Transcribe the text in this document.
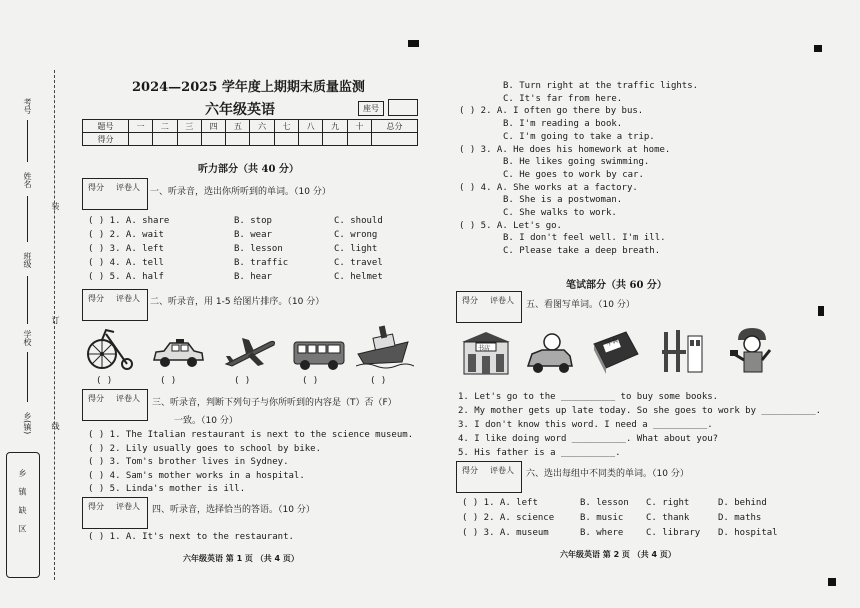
考号
姓名
班级
学校
乡(镇)
装
订
线
乡 镇 缺 区
2024—2025 学年度上期期末质量监测
六年级英语	座号
题号	一	二	三	四	五	六	七	八	九	十	总分
得分											
听力部分（共 40 分）
得分 评卷人 一、听录音，选出你所听到的单词。（10 分）
( ) 1. A. share	B. stop	C. should
( ) 2. A. wait	B. wear	C. wrong
( ) 3. A. left	B. lesson	C. light
( ) 4. A. tell	B. traffic	C. travel
( ) 5. A. half	B. hear	C. helmet
得分 评卷人 二、听录音，用 1-5 给图片排序。（10 分）
( )	( )	( )	( )	( )
得分 评卷人 三、听录音，判断下列句子与你所听到的内容是（T）否（F）
一致。（10 分）
( ) 1. The Italian restaurant is next to the science museum.
( ) 2. Lily usually goes to school by bike.
( ) 3. Tom's brother lives in Sydney.
( ) 4. Sam's mother works in a hospital.
( ) 5. Linda's mother is ill.
得分 评卷人 四、听录音，选择恰当的答语。（10 分）
( ) 1. A. It's next to the restaurant.
六年级英语 第 1 页 （共 4 页）
B. Turn right at the traffic lights.
C. It's far from here.
( ) 2. A. I often go there by bus.
B. I'm reading a book.
C. I'm going to take a trip.
( ) 3. A. He does his homework at home.
B. He likes going swimming.
C. He goes to work by car.
( ) 4. A. She works at a factory.
B. She is a postwoman.
C. She walks to work.
( ) 5. A. Let's go.
B. I don't feel well. I'm ill.
C. Please take a deep breath.
笔试部分（共 60 分）
得分 评卷人 五、看图写单词。（10 分）
书店
字典
1. Let's go to the __________ to buy some books.
2. My mother gets up late today. So she goes to work by __________.
3. I don't know this word. I need a __________.
4. I like doing word __________. What about you?
5. His father is a __________.
得分 评卷人 六、选出每组中不同类的单词。（10 分）
( ) 1. A. left	B. lesson C. right	D. behind
( ) 2. A. science	B. music	C. thank	D. maths
( ) 3. A. museum	B. where	C. library D. hospital
六年级英语 第 2 页 （共 4 页）
